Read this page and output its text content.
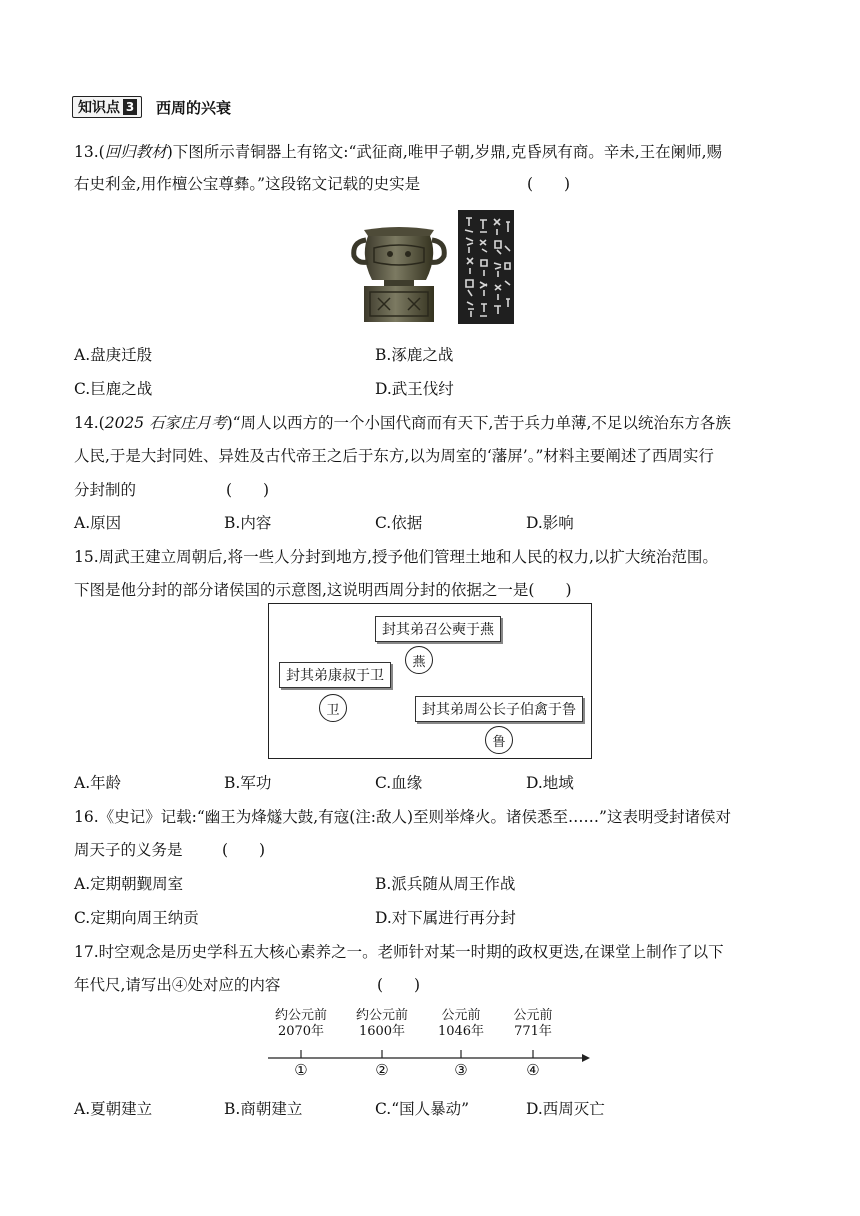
知识点 3 西周的兴衰
13.(回归教材)下图所示青铜器上有铭文:“武征商,唯甲子朝,岁鼎,克昏夙有商。辛未,王在阑师,赐
右史利金,用作檀公宝尊彝。”这段铭文记载的史实是	(　　)
A.盘庚迁殷	B.涿鹿之战
C.巨鹿之战	D.武王伐纣
14.(2025 石家庄月考)“周人以西方的一个小国代商而有天下,苦于兵力单薄,不足以统治东方各族
人民,于是大封同姓、异姓及古代帝王之后于东方,以为周室的‘藩屏’。”材料主要阐述了西周实行
分封制的	(　　)
A.原因	B.内容	C.依据	D.影响
15.周武王建立周朝后,将一些人分封到地方,授予他们管理土地和人民的权力,以扩大统治范围。
下图是他分封的部分诸侯国的示意图,这说明西周分封的依据之一是(　　)
封其弟召公奭于燕
燕
封其弟康叔于卫
卫	封其弟周公长子伯禽于鲁
鲁
A.年龄	B.军功	C.血缘	D.地域
16.《史记》记载:“幽王为烽燧大鼓,有寇(注:敌人)至则举烽火。诸侯悉至……”这表明受封诸侯对
周天子的义务是	(　　)
A.定期朝觐周室	B.派兵随从周王作战
C.定期向周王纳贡	D.对下属进行再分封
17.时空观念是历史学科五大核心素养之一。老师针对某一时期的政权更迭,在课堂上制作了以下
年代尺,请写出④处对应的内容	(　　)
约公元前
2070年
约公元前
1600年
公元前
1046年
公元前
771年
①	②	③	④
A.夏朝建立	B.商朝建立	C.“国人暴动”	D.西周灭亡
